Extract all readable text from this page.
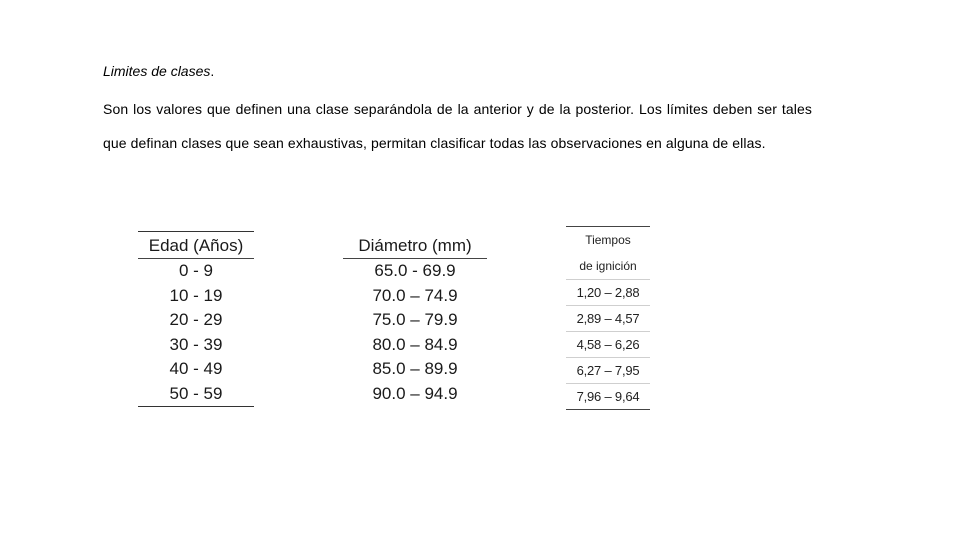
Limites de clases.

Son los valores que definen una clase separándola de la anterior y de la posterior. Los límites deben ser tales que definan clases que sean exhaustivas, permitan clasificar todas las observaciones en alguna de ellas.

Edad (Años)
0 - 9
10 - 19
20 - 29
30 - 39
40 - 49
50 - 59
Diámetro (mm)
65.0 - 69.9
70.0 – 74.9
75.0 – 79.9
80.0 – 84.9
85.0 – 89.9
90.0 – 94.9
Tiempos
de ignición
1,20 – 2,88
2,89 – 4,57
4,58 – 6,26
6,27 – 7,95
7,96 – 9,64
